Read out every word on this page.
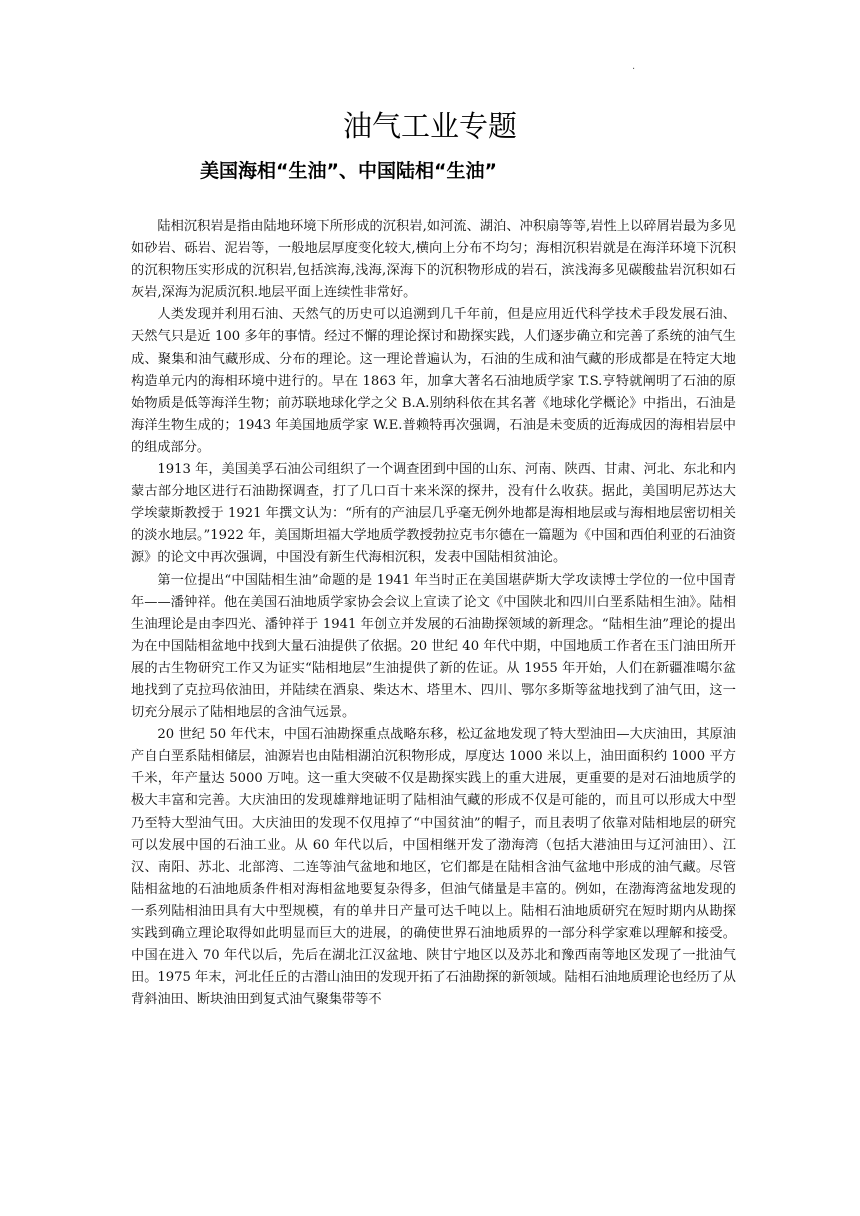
.
油气工业专题
美国海相“生油”、中国陆相“生油”

陆相沉积岩是指由陆地环境下所形成的沉积岩,如河流、湖泊、冲积扇等等,岩性上以碎屑岩最为多见如砂岩、砾岩、泥岩等，一般地层厚度变化较大,横向上分布不均匀；海相沉积岩就是在海洋环境下沉积的沉积物压实形成的沉积岩,包括滨海,浅海,深海下的沉积物形成的岩石，滨浅海多见碳酸盐岩沉积如石灰岩,深海为泥质沉积.地层平面上连续性非常好。

人类发现并利用石油、天然气的历史可以追溯到几千年前，但是应用近代科学技术手段发展石油、天然气只是近 100 多年的事情。经过不懈的理论探讨和勘探实践，人们逐步确立和完善了系统的油气生成、聚集和油气藏形成、分布的理论。这一理论普遍认为，石油的生成和油气藏的形成都是在特定大地构造单元内的海相环境中进行的。早在 1863 年，加拿大著名石油地质学家 T.S.亨特就阐明了石油的原始物质是低等海洋生物；前苏联地球化学之父 B.A.别纳科依在其名著《地球化学概论》中指出，石油是海洋生物生成的；1943 年美国地质学家 W.E.普赖特再次强调，石油是未变质的近海成因的海相岩层中的组成部分。

1913 年，美国美孚石油公司组织了一个调查团到中国的山东、河南、陕西、甘肃、河北、东北和内蒙古部分地区进行石油勘探调查，打了几口百十来米深的探井，没有什么收获。据此，美国明尼苏达大学埃蒙斯教授于 1921 年撰文认为：“所有的产油层几乎毫无例外地都是海相地层或与海相地层密切相关的淡水地层。”1922 年，美国斯坦福大学地质学教授勃拉克韦尔德在一篇题为《中国和西伯利亚的石油资源》的论文中再次强调，中国没有新生代海相沉积，发表中国陆相贫油论。

第一位提出“中国陆相生油”命题的是 1941 年当时正在美国堪萨斯大学攻读博士学位的一位中国青年——潘钟祥。他在美国石油地质学家协会会议上宣读了论文《中国陕北和四川白垩系陆相生油》。陆相生油理论是由李四光、潘钟祥于 1941 年创立并发展的石油勘探领域的新理念。“陆相生油”理论的提出为在中国陆相盆地中找到大量石油提供了依据。20 世纪 40 年代中期，中国地质工作者在玉门油田所开展的古生物研究工作又为证实“陆相地层”生油提供了新的佐证。从 1955 年开始，人们在新疆准噶尔盆地找到了克拉玛依油田，并陆续在酒泉、柴达木、塔里木、四川、鄂尔多斯等盆地找到了油气田，这一切充分展示了陆相地层的含油气远景。

20 世纪 50 年代末，中国石油勘探重点战略东移，松辽盆地发现了特大型油田—大庆油田，其原油产自白垩系陆相储层，油源岩也由陆相湖泊沉积物形成，厚度达 1000 米以上，油田面积约 1000 平方千米，年产量达 5000 万吨。这一重大突破不仅是勘探实践上的重大进展，更重要的是对石油地质学的极大丰富和完善。大庆油田的发现雄辩地证明了陆相油气藏的形成不仅是可能的，而且可以形成大中型乃至特大型油气田。大庆油田的发现不仅甩掉了“中国贫油”的帽子，而且表明了依靠对陆相地层的研究可以发展中国的石油工业。从 60 年代以后，中国相继开发了渤海湾（包括大港油田与辽河油田）、江汉、南阳、苏北、北部湾、二连等油气盆地和地区，它们都是在陆相含油气盆地中形成的油气藏。尽管陆相盆地的石油地质条件相对海相盆地要复杂得多，但油气储量是丰富的。例如，在渤海湾盆地发现的一系列陆相油田具有大中型规模，有的单井日产量可达千吨以上。陆相石油地质研究在短时期内从勘探实践到确立理论取得如此明显而巨大的进展，的确使世界石油地质界的一部分科学家难以理解和接受。中国在进入 70 年代以后，先后在湖北江汉盆地、陕甘宁地区以及苏北和豫西南等地区发现了一批油气田。1975 年末，河北任丘的古潜山油田的发现开拓了石油勘探的新领域。陆相石油地质理论也经历了从背斜油田、断块油田到复式油气聚集带等不
